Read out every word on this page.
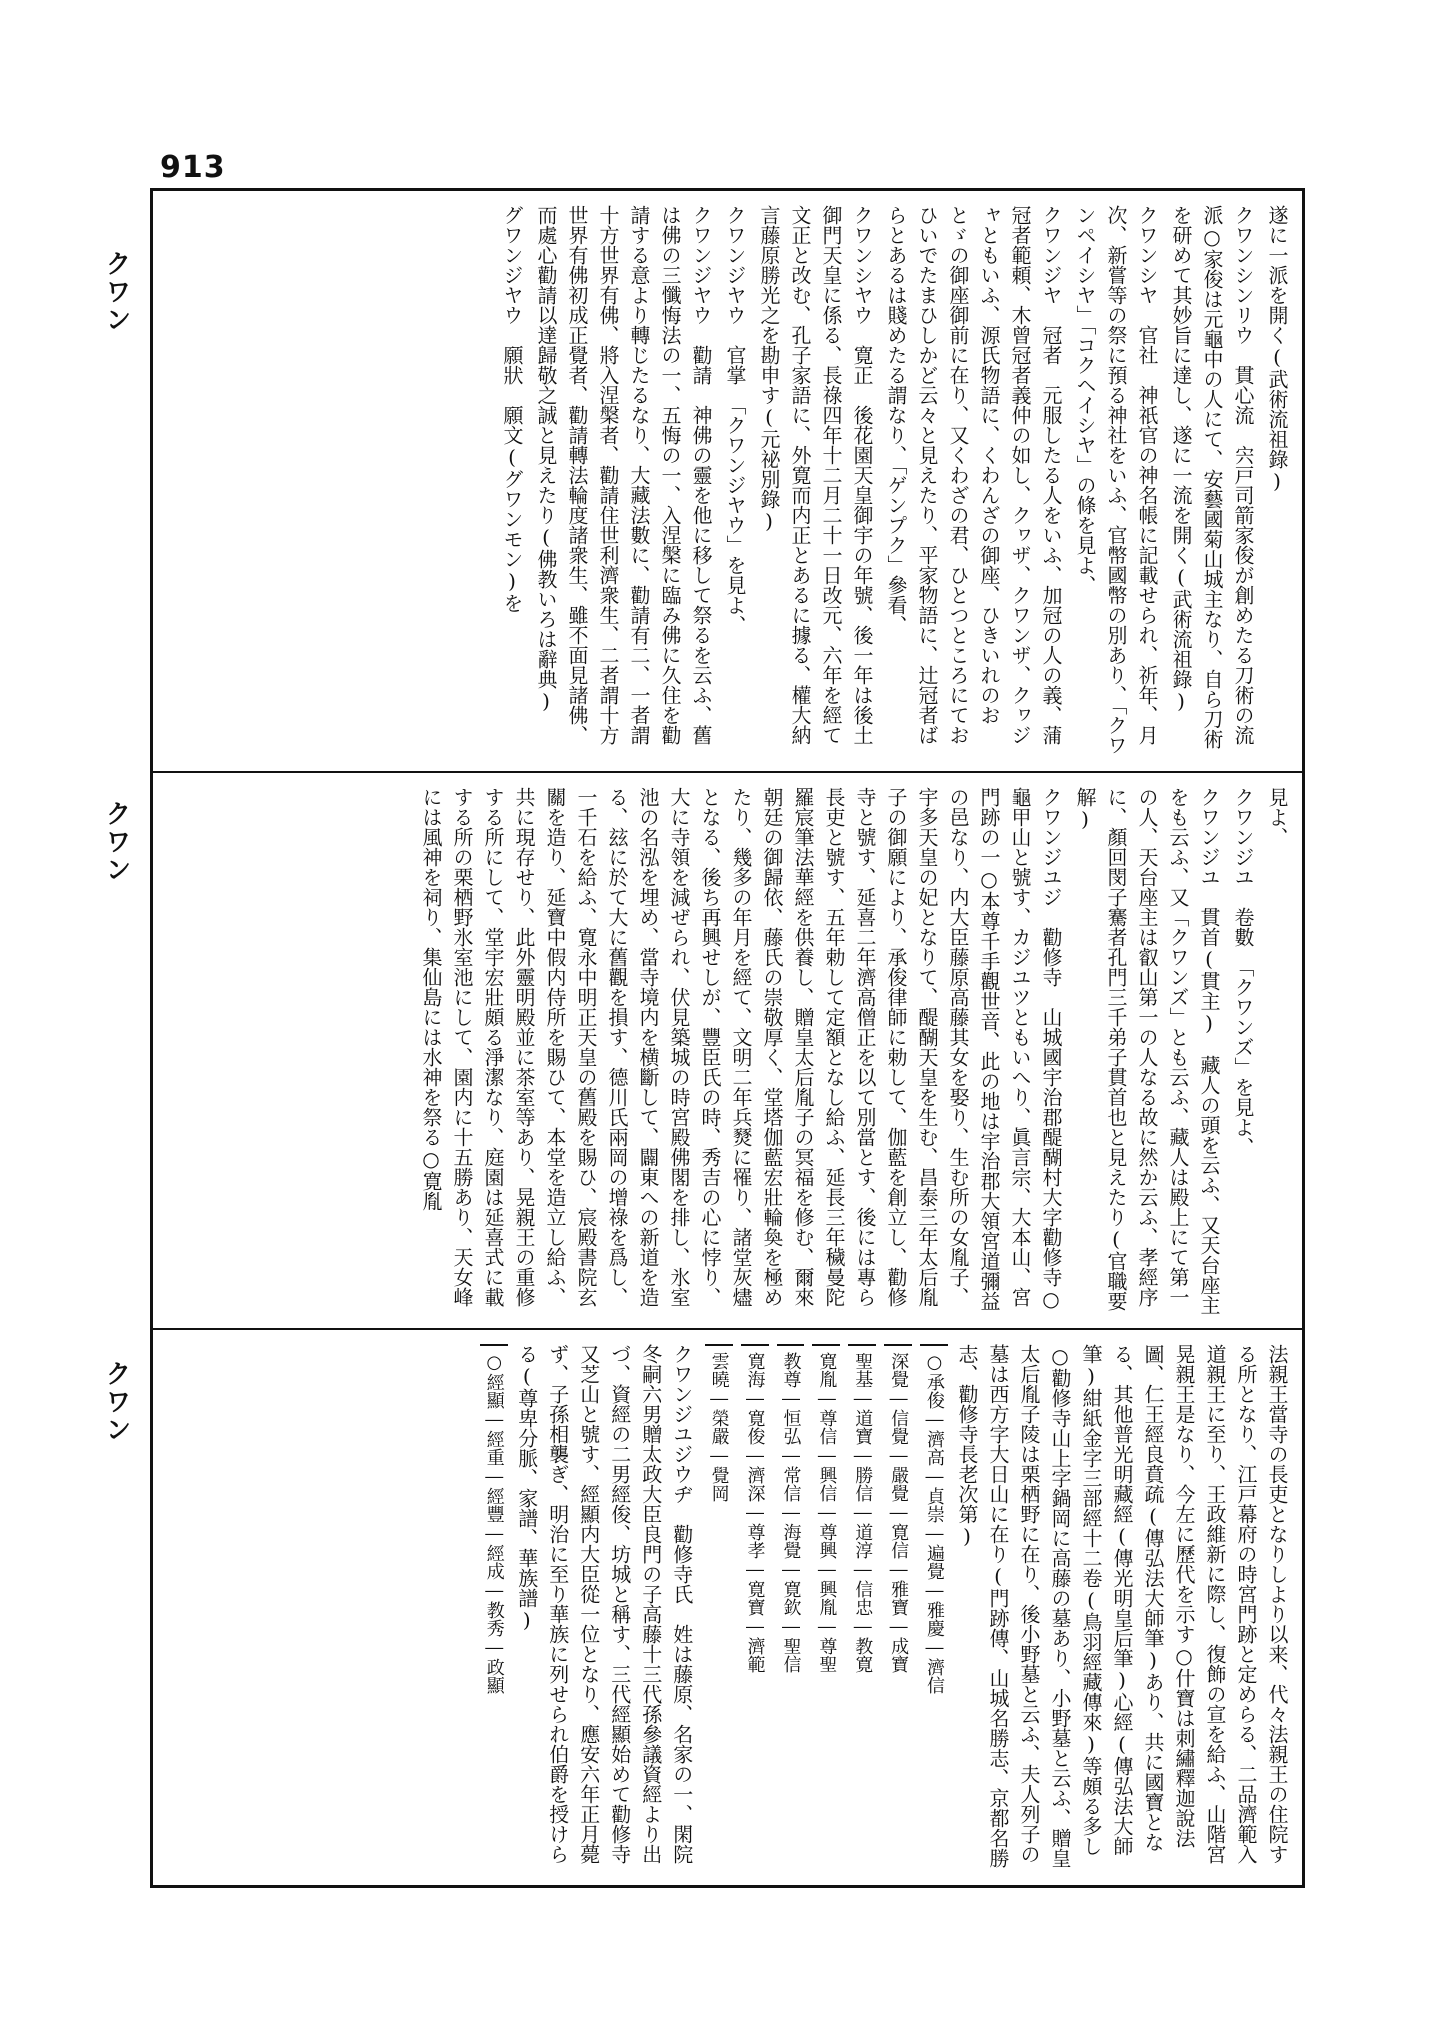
913
クワン
クワン
クワン
遂に一派を開く(武術流祖錄)
クワンシンリウ　貫心流　宍戸司箭家俊が創めたる刀術の流派○家俊は元龜中の人にて、安藝國菊山城主なり、自ら刀術を研めて其妙旨に達し、遂に一流を開く(武術流祖錄)
クワンシヤ　官社　神祇官の神名帳に記載せられ、祈年、月次、新嘗等の祭に預る神社をいふ、官幣國幣の別あり、「クワンペイシヤ」「コクヘイシヤ」の條を見よ、
クワンジヤ　冠者　元服したる人をいふ、加冠の人の義、蒲冠者範頼、木曾冠者義仲の如し、クヮザ、クワンザ、クヮジャともいふ、源氏物語に、くわんざの御座、ひきいれのおとゞの御座御前に在り、又くわざの君、ひとつところにておひいでたまひしかど云々と見えたり、平家物語に、辻冠者ばらとあるは賤めたる謂なり、「ゲンプク」參看、
クワンシヤウ　寛正　後花園天皇御宇の年號、後一年は後土御門天皇に係る、長祿四年十二月二十一日改元、六年を經て文正と改む、孔子家語に、外寛而内正とあるに據る、權大納言藤原勝光之を勘申す(元祕別錄)
クワンジヤウ　官掌　「クワンジヤウ」を見よ、
クワンジヤウ　勸請　神佛の靈を他に移して祭るを云ふ、舊は佛の三懺悔法の一、五悔の一、入涅槃に臨み佛に久住を勸請する意より轉じたるなり、大藏法數に、勸請有二、一者謂十方世界有佛、將入涅槃者、勸請住世利濟衆生、二者謂十方世界有佛初成正覺者、勸請轉法輪度諸衆生、雖不面見諸佛、而處心勸請以達歸敬之誠と見えたり(佛教いろは辭典)
グワンジヤウ　願狀　願文(グワンモン)を
見よ、
クワンジユ　卷數　「クワンズ」を見よ、
クワンジユ　貫首(貫主)　藏人の頭を云ふ、又天台座主をも云ふ、又「クワンズ」とも云ふ、藏人は殿上にて第一の人、天台座主は叡山第一の人なる故に然か云ふ、孝經序に、顏回閔子騫者孔門三千弟子貫首也と見えたり(官職要解)
クワンジユジ　勸修寺　山城國宇治郡醍醐村大字勸修寺○龜甲山と號す、カジユツともいへり、眞言宗、大本山、宮門跡の一○本尊千手觀世音、此の地は宇治郡大領宮道彌益の邑なり、内大臣藤原高藤其女を娶り、生む所の女胤子、宇多天皇の妃となりて、醍醐天皇を生む、昌泰三年太后胤子の御願により、承俊律師に勅して、伽藍を創立し、勸修寺と號す、延喜二年濟高僧正を以て別當とす、後には專ら長吏と號す、五年勅して定額となし給ふ、延長三年穢曼陀羅宸筆法華經を供養し、贈皇太后胤子の冥福を修む、爾來朝廷の御歸依、藤氏の崇敬厚く、堂塔伽藍宏壯輪奐を極めたり、幾多の年月を經て、文明二年兵燹に罹り、諸堂灰燼となる、後ち再興せしが、豐臣氏の時、秀吉の心に悖り、大に寺領を減ぜられ、伏見築城の時宮殿佛閣を排し、氷室池の名泓を埋め、當寺境内を横斷して、闢東への新道を造る、玆に於て大に舊觀を損す、德川氏兩岡の增祿を爲し、一千石を給ふ、寛永中明正天皇の舊殿を賜ひ、宸殿書院玄關を造り、延寶中假内侍所を賜ひて、本堂を造立し給ふ、共に現存せり、此外靈明殿並に茶室等あり、晃親王の重修する所にして、堂宇宏壯頗る淨潔なり、庭園は延喜式に載する所の栗栖野氷室池にして、園内に十五勝あり、天女峰には風神を祠り、集仙島には水神を祭る○寛胤
法親王當寺の長吏となりしより以来、代々法親王の住院する所となり、江戸幕府の時宮門跡と定めらる、二品濟範入道親王に至り、王政維新に際し、復飾の宣を給ふ、山階宮晃親王是なり、今左に歷代を示す○什寶は刺繡釋迦說法圖、仁王經良賁疏(傳弘法大師筆)あり、共に國寶となる、其他普光明藏經(傳光明皇后筆)心經(傳弘法大師筆)紺紙金字三部經十二卷(鳥羽經藏傳來)等頗る多し○勸修寺山上字鍋岡に高藤の墓あり、小野墓と云ふ、贈皇太后胤子陵は栗栖野に在り、後小野墓と云ふ、夫人列子の墓は西方字大日山に在り(門跡傳、山城名勝志、京都名勝志、勸修寺長老次第)
○承俊―濟高―貞崇―遍覺―雅慶―濟信
深覺―信覺―嚴覺―寛信―雅寶―成寶
聖基―道寶―勝信―道淳―信忠―教寛
寛胤―尊信―興信―尊興―興胤―尊聖
教尊―恒弘―常信―海覺―寛欽―聖信
寛海―寛俊―濟深―尊孝―寛寶―濟範
雲曉―榮嚴―覺岡
クワンジユジウヂ　勸修寺氏　姓は藤原、名家の一、閑院冬嗣六男贈太政大臣良門の子高藤十三代孫參議資經より出づ、資經の二男經俊、坊城と稱す、三代經顯始めて勸修寺又芝山と號す、經顯内大臣從一位となり、應安六年正月薨ず、子孫相襲ぎ、明治に至り華族に列せられ伯爵を授けらる(尊卑分脈、家譜、華族譜)
○經顯―經重―經豐―經成―教秀―政顯
